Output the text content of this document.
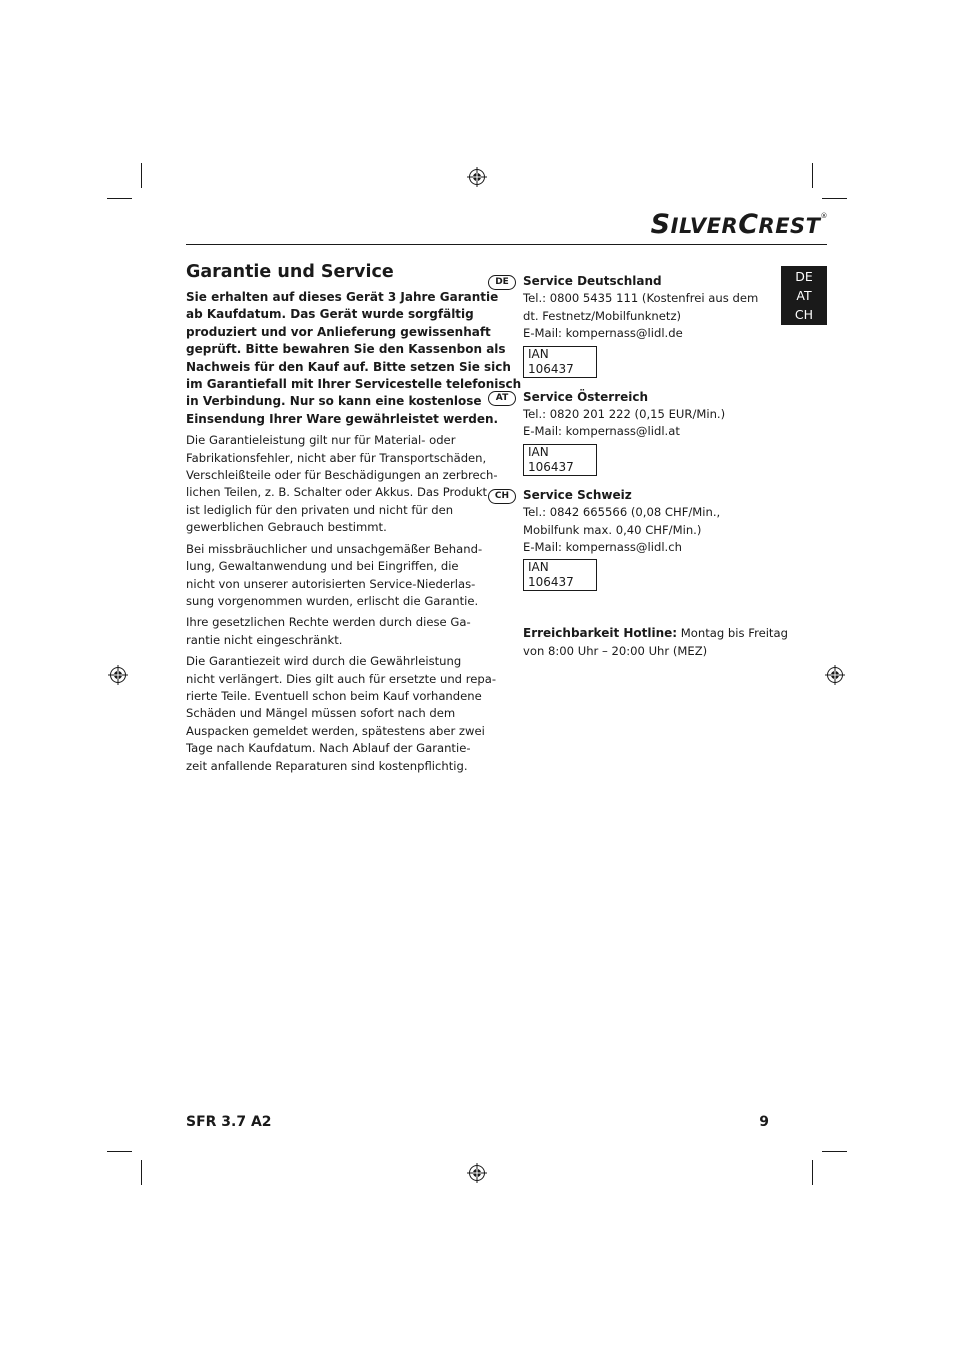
SILVERCREST®
DE
AT
CH
Garantie und Service
Sie erhalten auf dieses Gerät 3 Jahre Garantie
ab Kaufdatum. Das Gerät wurde sorgfältig
produziert und vor Anlieferung gewissenhaft
geprüft. Bitte bewahren Sie den Kassenbon als
Nachweis für den Kauf auf. Bitte setzen Sie sich
im Garantiefall mit Ihrer Servicestelle telefonisch
in Verbindung. Nur so kann eine kostenlose
Einsendung Ihrer Ware gewährleistet werden.
Die Garantieleistung gilt nur für Material- oder
Fabrikationsfehler, nicht aber für Transportschäden,
Verschleißteile oder für Beschädigungen an zerbrech-
lichen Teilen, z. B. Schalter oder Akkus. Das Produkt
ist lediglich für den privaten und nicht für den
gewerblichen Gebrauch bestimmt.
Bei missbräuchlicher und unsachgemäßer Behand-
lung, Gewaltanwendung und bei Eingriffen, die
nicht von unserer autorisierten Service-Niederlas-
sung vorgenommen wurden, erlischt die Garantie.
Ihre gesetzlichen Rechte werden durch diese Ga-
rantie nicht eingeschränkt.
Die Garantiezeit wird durch die Gewährleistung
nicht verlängert. Dies gilt auch für ersetzte und repa-
rierte Teile. Eventuell schon beim Kauf vorhandene
Schäden und Mängel müssen sofort nach dem
Auspacken gemeldet werden, spätestens aber zwei
Tage nach Kaufdatum. Nach Ablauf der Garantie-
zeit anfallende Reparaturen sind kostenpflichtig.
DE	Service Deutschland
Tel.: 0800 5435 111 (Kostenfrei aus dem
dt. Festnetz/Mobilfunknetz)
E-Mail: kompernass@lidl.de
IAN 106437
AT	Service Österreich
Tel.: 0820 201 222 (0,15 EUR/Min.)
E-Mail: kompernass@lidl.at
IAN 106437
CH	Service Schweiz
Tel.: 0842 665566 (0,08 CHF/Min.,
Mobilfunk max. 0,40 CHF/Min.)
E-Mail: kompernass@lidl.ch
IAN 106437
Erreichbarkeit Hotline: Montag bis Freitag
von 8:00 Uhr – 20:00 Uhr (MEZ)
SFR 3.7 A2	9
